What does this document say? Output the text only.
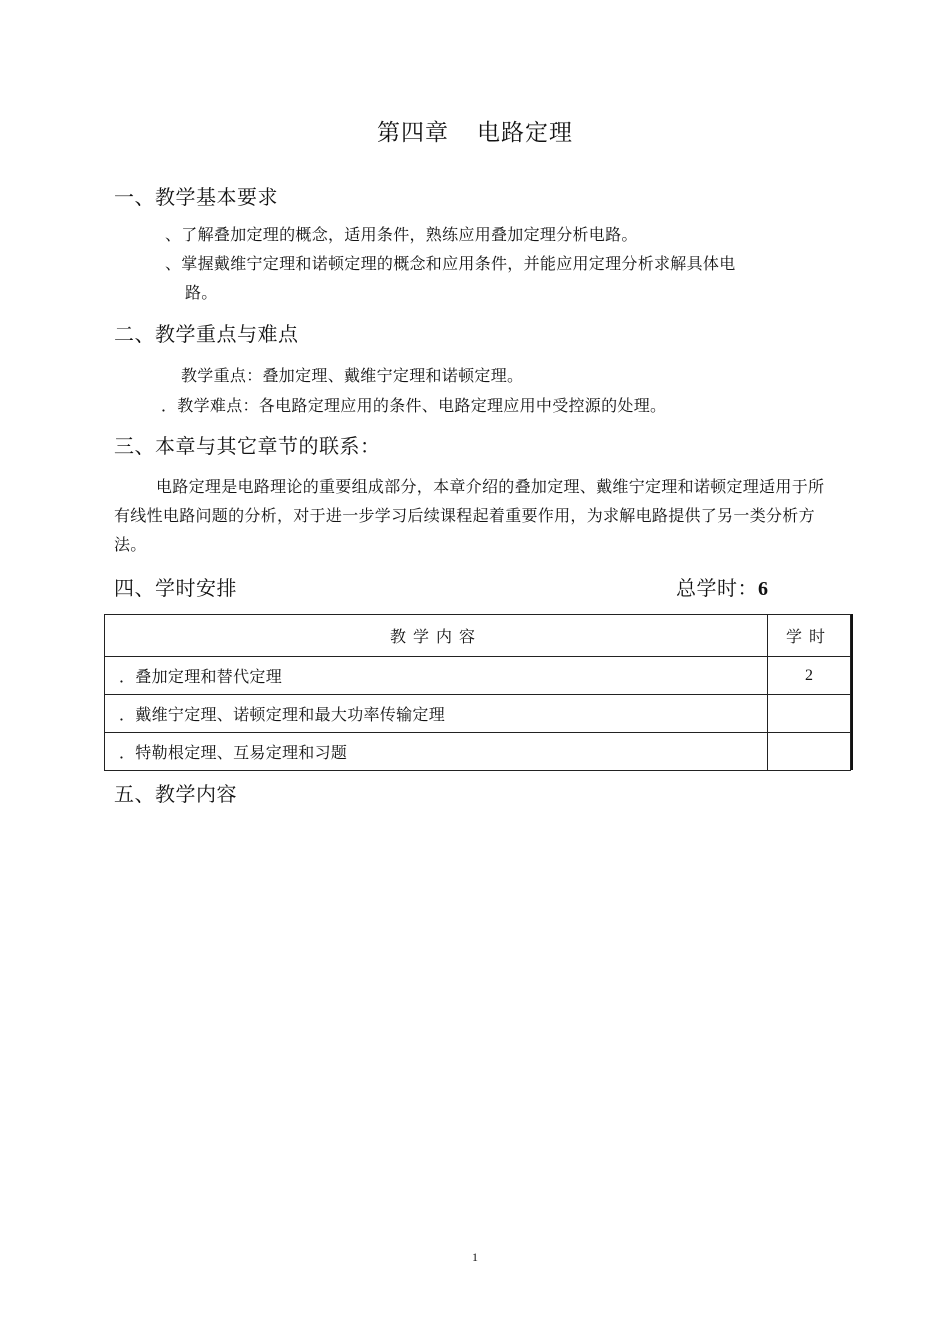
第四章 电路定理
一、教学基本要求
、了解叠加定理的概念，适用条件，熟练应用叠加定理分析电路。
、掌握戴维宁定理和诺顿定理的概念和应用条件，并能应用定理分析求解具体电
路。
二、教学重点与难点
教学重点：叠加定理、戴维宁定理和诺顿定理。
．教学难点：各电路定理应用的条件、电路定理应用中受控源的处理。
三、本章与其它章节的联系：
电路定理是电路理论的重要组成部分，本章介绍的叠加定理、戴维宁定理和诺顿定理适用于所有线性电路问题的分析，对于进一步学习后续课程起着重要作用，为求解电路提供了另一类分析方法。
四、学时安排	总学时：6
教学内容	学时
．叠加定理和替代定理	2
．戴维宁定理、诺顿定理和最大功率传输定理	
．特勒根定理、互易定理和习题	
五、教学内容
1
